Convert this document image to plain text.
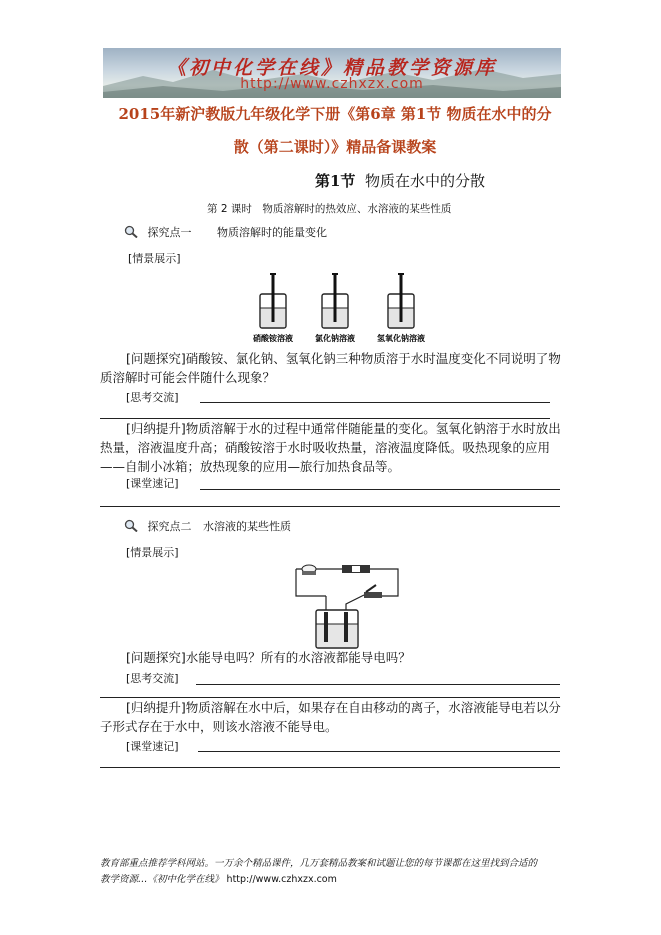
《初中化学在线》精品教学资源库
http://www.czhxzx.com
2015年新沪教版九年级化学下册《第6章 第1节 物质在水中的分
散（第二课时）》精品备课教案
第1节 物质在水中的分散
第 2 课时　物质溶解时的热效应、水溶液的某些性质
探究点一 物质溶解时的能量变化
[情景展示]
硝酸铵溶液	氯化钠溶液	氢氧化钠溶液
[问题探究]硝酸铵、氯化钠、氢氧化钠三种物质溶于水时温度变化不同说明了物质溶解时可能会伴随什么现象？
[思考交流]
[归纳提升]物质溶解于水的过程中通常伴随能量的变化。氢氧化钠溶于水时放出热量，溶液温度升高；硝酸铵溶于水时吸收热量，溶液温度降低。吸热现象的应用——自制小冰箱；放热现象的应用—旅行加热食品等。
[课堂速记]
探究点二 水溶液的某些性质
[情景展示]
[问题探究]水能导电吗？所有的水溶液都能导电吗？
[思考交流]
[归纳提升]物质溶解在水中后，如果存在自由移动的离子，水溶液能导电若以分子形式存在于水中，则该水溶液不能导电。
[课堂速记]
教育部重点推荐学科网站。一万余个精品课件，几万套精品教案和试题让您的每节课都在这里找到合适的
教学资源…《初中化学在线》 http://www.czhxzx.com
